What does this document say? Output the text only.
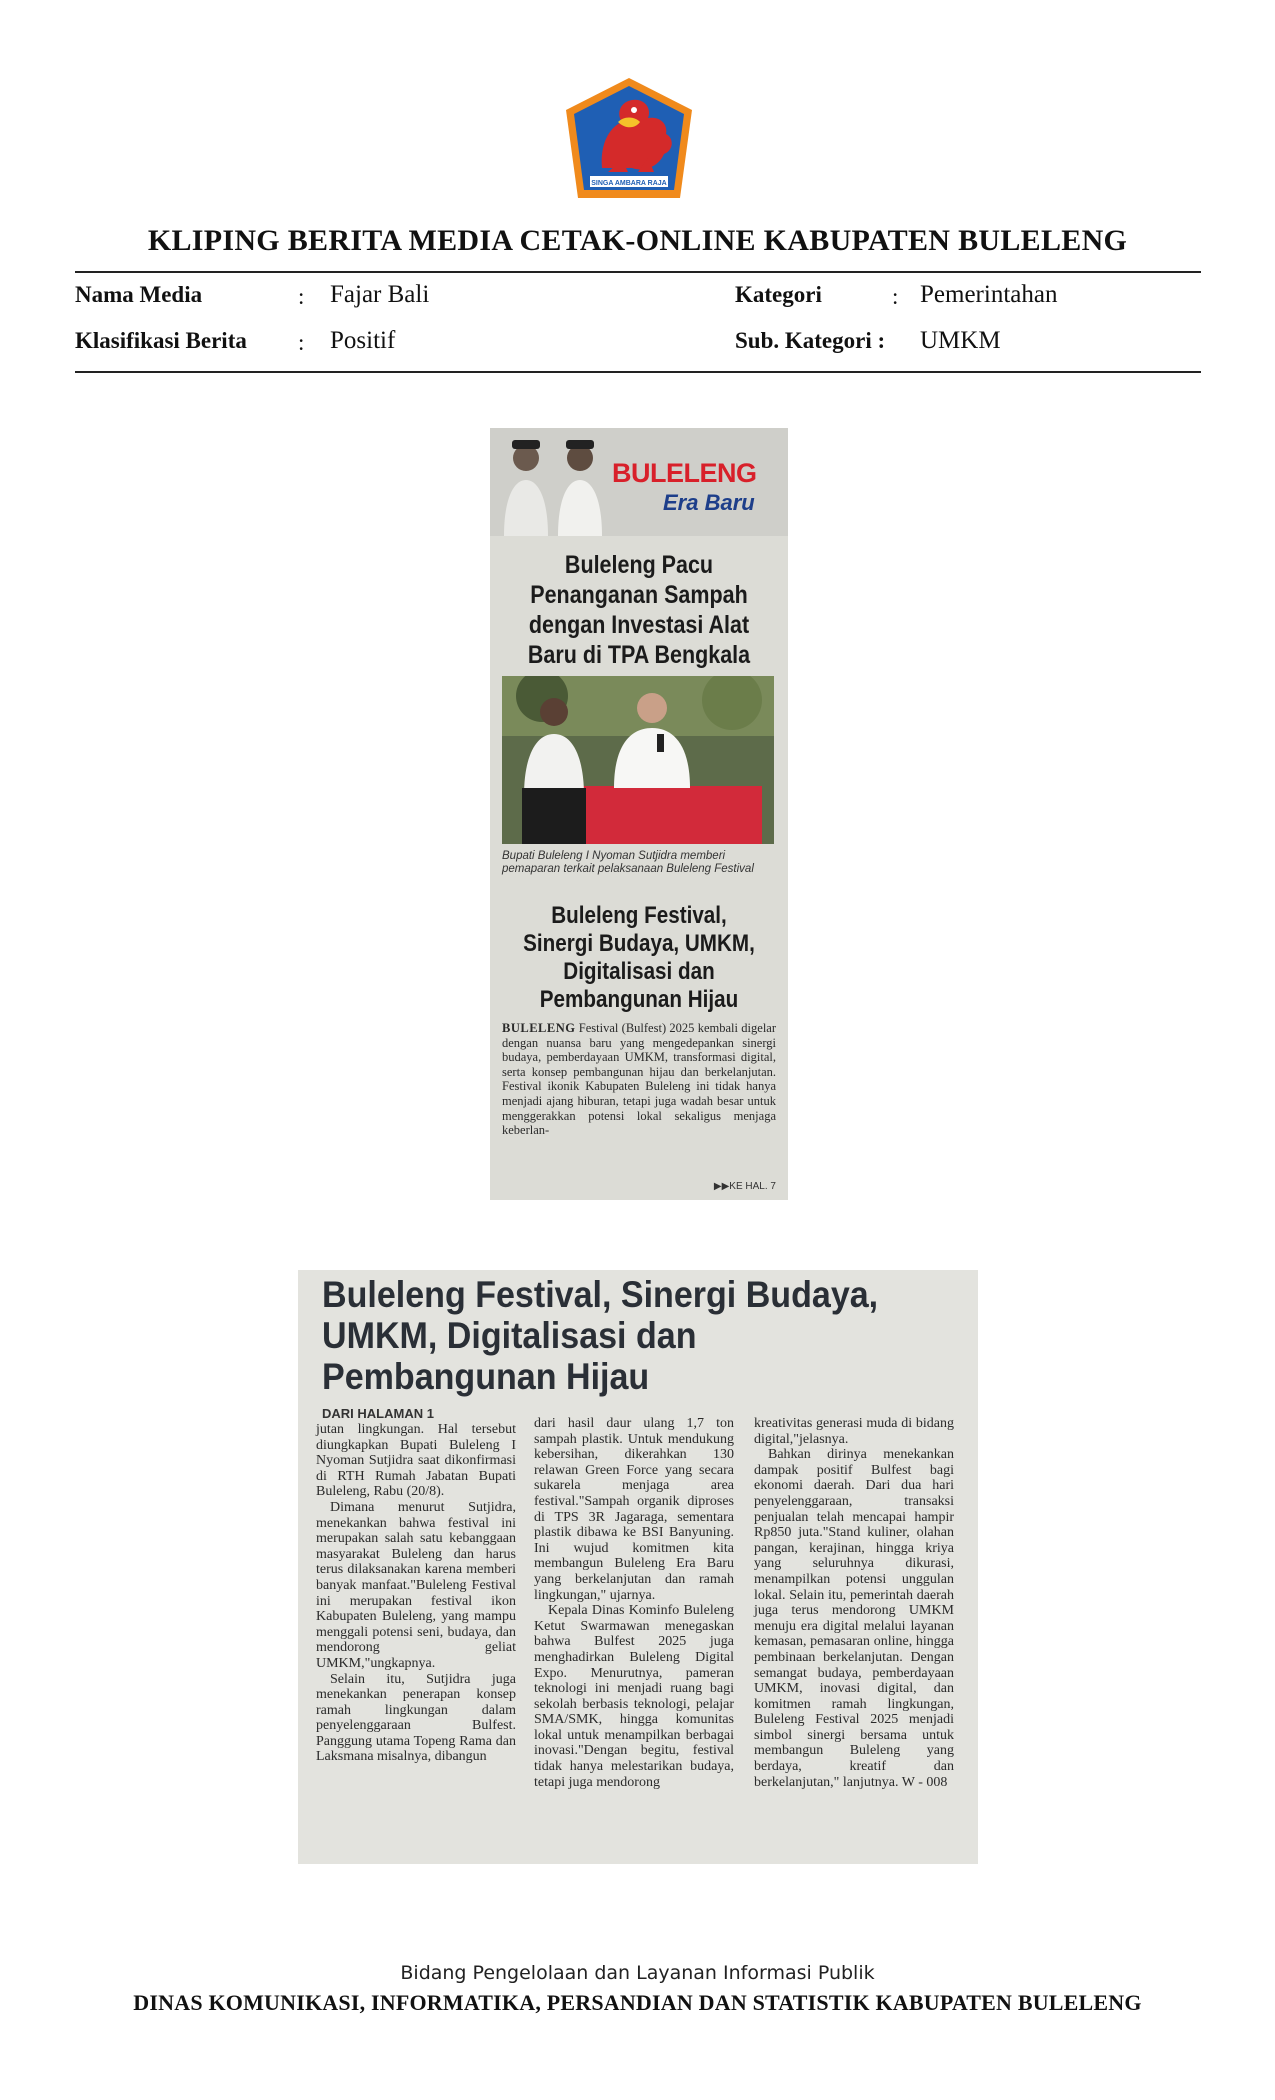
SINGA AMBARA RAJA
KLIPING BERITA MEDIA CETAK-ONLINE KABUPATEN BULELENG
Nama Media	: Fajar Bali	Kategori	: Pemerintahan
Klasifikasi Berita : Positif	Sub. Kategori : UMKM
BULELENG
Era Baru
Buleleng Pacu Penanganan Sampah dengan Investasi Alat Baru di TPA Bengkala
Bupati Buleleng I Nyoman Sutjidra memberi pemaparan terkait pelaksanaan Buleleng Festival
Buleleng Festival, Sinergi Budaya, UMKM, Digitalisasi dan Pembangunan Hijau
BULELENG Festival (Bulfest) 2025 kembali digelar dengan nuansa baru yang mengedepankan sinergi budaya, pemberdayaan UMKM, transformasi digital, serta konsep pembangunan hijau dan berkelanjutan. Festival ikonik Kabupaten Buleleng ini tidak hanya menjadi ajang hiburan, tetapi juga wadah besar untuk menggerakkan potensi lokal sekaligus menjaga keberlan-
▶▶KE HAL. 7
Buleleng Festival, Sinergi Budaya, UMKM, Digitalisasi dan Pembangunan Hijau
DARI HALAMAN 1

jutan lingkungan. Hal tersebut diungkapkan Bupati Buleleng I Nyoman Sutjidra saat dikonfirmasi di RTH Rumah Jabatan Bupati Buleleng, Rabu (20/8).

Dimana menurut Sutjidra, menekankan bahwa festival ini merupakan salah satu kebanggaan masyarakat Buleleng dan harus terus dilaksanakan karena memberi banyak manfaat."Buleleng Festival ini merupakan festival ikon Kabupaten Buleleng, yang mampu menggali potensi seni, budaya, dan mendorong geliat UMKM,"ungkapnya.

Selain itu, Sutjidra juga menekankan penerapan konsep ramah lingkungan dalam penyelenggaraan Bulfest. Panggung utama Topeng Rama dan Laksmana misalnya, dibangun

dari hasil daur ulang 1,7 ton sampah plastik. Untuk mendukung kebersihan, dikerahkan 130 relawan Green Force yang secara sukarela menjaga area festival."Sampah organik diproses di TPS 3R Jagaraga, sementara plastik dibawa ke BSI Banyuning. Ini wujud komitmen kita membangun Buleleng Era Baru yang berkelanjutan dan ramah lingkungan," ujarnya.

Kepala Dinas Kominfo Buleleng Ketut Swarmawan menegaskan bahwa Bulfest 2025 juga menghadirkan Buleleng Digital Expo. Menurutnya, pameran teknologi ini menjadi ruang bagi sekolah berbasis teknologi, pelajar SMA/SMK, hingga komunitas lokal untuk menampilkan berbagai inovasi."Dengan begitu, festival tidak hanya melestarikan budaya, tetapi juga mendorong

kreativitas generasi muda di bidang digital,"jelasnya.

Bahkan dirinya menekankan dampak positif Bulfest bagi ekonomi daerah. Dari dua hari penyelenggaraan, transaksi penjualan telah mencapai hampir Rp850 juta."Stand kuliner, olahan pangan, kerajinan, hingga kriya yang seluruhnya dikurasi, menampilkan potensi unggulan lokal. Selain itu, pemerintah daerah juga terus mendorong UMKM menuju era digital melalui layanan kemasan, pemasaran online, hingga pembinaan berkelanjutan. Dengan semangat budaya, pemberdayaan UMKM, inovasi digital, dan komitmen ramah lingkungan, Buleleng Festival 2025 menjadi simbol sinergi bersama untuk membangun Buleleng yang berdaya, kreatif dan berkelanjutan," lanjutnya. W - 008

Bidang Pengelolaan dan Layanan Informasi Publik
DINAS KOMUNIKASI, INFORMATIKA, PERSANDIAN DAN STATISTIK KABUPATEN BULELENG
